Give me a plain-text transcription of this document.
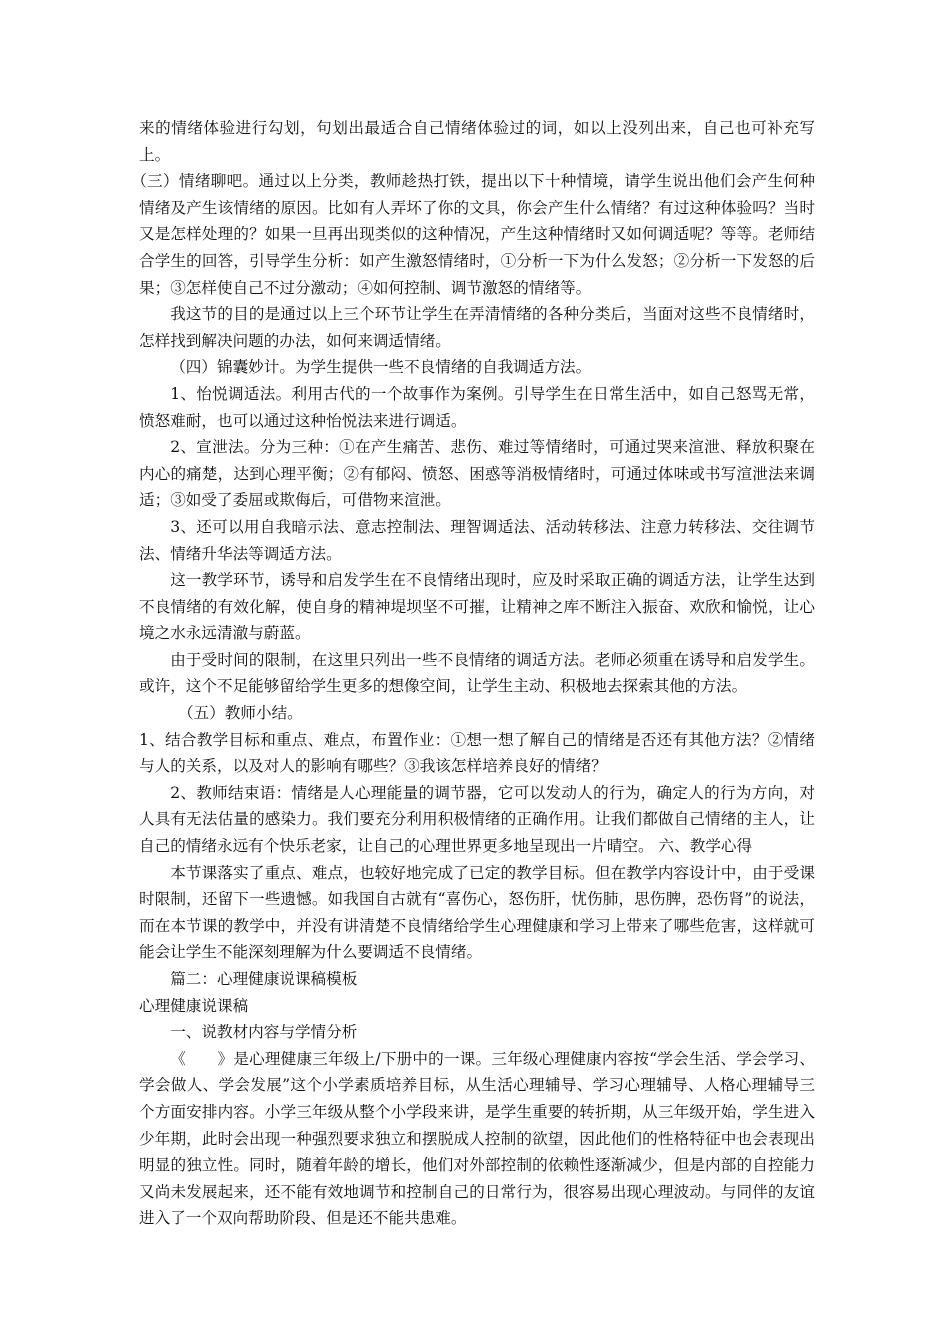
来的情绪体验进行勾划，句划出最适合自己情绪体验过的词，如以上没列出来，自己也可补充写上。

（三）情绪聊吧。通过以上分类，教师趁热打铁，提出以下十种情境，请学生说出他们会产生何种情绪及产生该情绪的原因。比如有人弄坏了你的文具，你会产生什么情绪？有过这种体验吗？当时又是怎样处理的？如果一旦再出现类似的这种情况，产生这种情绪时又如何调适呢？等等。老师结合学生的回答，引导学生分析：如产生激怒情绪时，①分析一下为什么发怒；②分析一下发怒的后果；③怎样使自己不过分激动；④如何控制、调节激怒的情绪等。

我这节的目的是通过以上三个环节让学生在弄清情绪的各种分类后，当面对这些不良情绪时，怎样找到解决问题的办法，如何来调适情绪。

（四）锦囊妙计。为学生提供一些不良情绪的自我调适方法。

1、怡悦调适法。利用古代的一个故事作为案例。引导学生在日常生活中，如自己怒骂无常，愤怒难耐，也可以通过这种怡悦法来进行调适。

2、宣泄法。分为三种：①在产生痛苦、悲伤、难过等情绪时，可通过哭来渲泄、释放积聚在内心的痛楚，达到心理平衡；②有郁闷、愤怒、困惑等消极情绪时，可通过体味或书写渲泄法来调适；③如受了委屈或欺侮后，可借物来渲泄。

3、还可以用自我暗示法、意志控制法、理智调适法、活动转移法、注意力转移法、交往调节法、情绪升华法等调适方法。

这一教学环节，诱导和启发学生在不良情绪出现时，应及时采取正确的调适方法，让学生达到不良情绪的有效化解，使自身的精神堤坝坚不可摧，让精神之库不断注入振奋、欢欣和愉悦，让心境之水永远清澈与蔚蓝。

由于受时间的限制，在这里只列出一些不良情绪的调适方法。老师必须重在诱导和启发学生。或许，这个不足能够留给学生更多的想像空间，让学生主动、积极地去探索其他的方法。

（五）教师小结。

1、结合教学目标和重点、难点，布置作业：①想一想了解自己的情绪是否还有其他方法？②情绪与人的关系，以及对人的影响有哪些？③我该怎样培养良好的情绪？

2、教师结束语：情绪是人心理能量的调节器，它可以发动人的行为，确定人的行为方向，对人具有无法估量的感染力。我们要充分利用积极情绪的正确作用。让我们都做自己情绪的主人，让自己的情绪永远有个快乐老家，让自己的心理世界更多地呈现出一片晴空。 六、教学心得

本节课落实了重点、难点，也较好地完成了已定的教学目标。但在教学内容设计中，由于受课时限制，还留下一些遗憾。如我国自古就有“喜伤心，怒伤肝，忧伤肺，思伤脾，恐伤肾”的说法，而在本节课的教学中，并没有讲清楚不良情绪给学生心理健康和学习上带来了哪些危害，这样就可能会让学生不能深刻理解为什么要调适不良情绪。

篇二：心理健康说课稿模板

心理健康说课稿

一、说教材内容与学情分析

《　　》是心理健康三年级上/下册中的一课。三年级心理健康内容按“学会生活、学会学习、学会做人、学会发展”这个小学素质培养目标，从生活心理辅导、学习心理辅导、人格心理辅导三个方面安排内容。小学三年级从整个小学段来讲，是学生重要的转折期，从三年级开始，学生进入少年期，此时会出现一种强烈要求独立和摆脱成人控制的欲望，因此他们的性格特征中也会表现出明显的独立性。同时，随着年龄的增长，他们对外部控制的依赖性逐渐减少，但是内部的自控能力又尚未发展起来，还不能有效地调节和控制自己的日常行为，很容易出现心理波动。与同伴的友谊进入了一个双向帮助阶段、但是还不能共患难。
